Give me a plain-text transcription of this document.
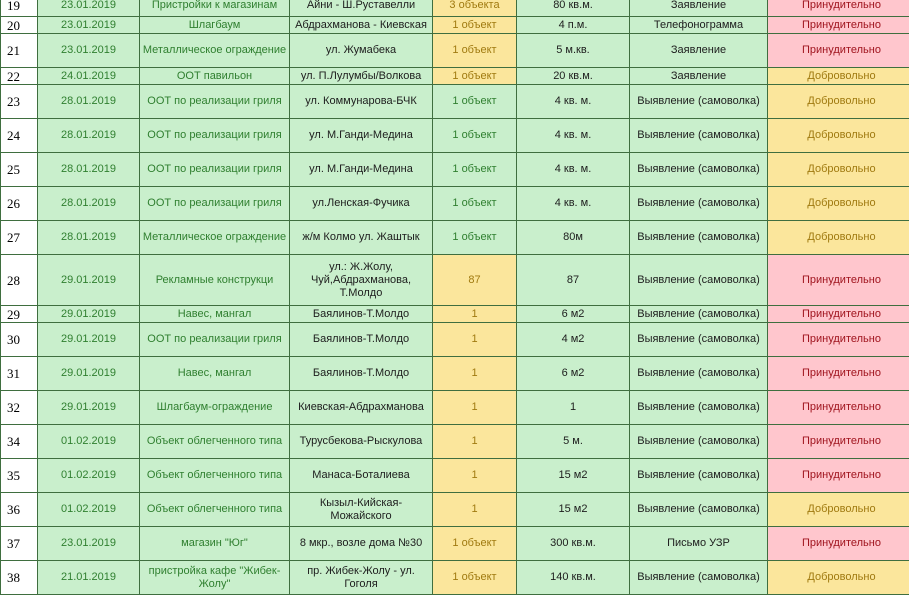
19	23.01.2019	Пристройки к магазинам	Айни - Ш.Руставелли	3 объекта	80 кв.м.	Заявление	Принудительно
20	23.01.2019	Шлагбаум	Абдрахманова - Киевская	1 объект	4 п.м.	Телефонограмма	Принудительно
21	23.01.2019	Металлическое ограждение	ул. Жумабека	1 объект	5 м.кв.	Заявление	Принудительно
22	24.01.2019	ООТ павильон	ул. П.Лулумбы/Волкова	1 объект	20 кв.м.	Заявление	Добровольно
23	28.01.2019	ООТ по реализации гриля	ул. Коммунарова-БЧК	1 объект	4 кв. м.	Выявление (самоволка)	Добровольно
24	28.01.2019	ООТ по реализации гриля	ул. М.Ганди-Медина	1 объект	4 кв. м.	Выявление (самоволка)	Добровольно
25	28.01.2019	ООТ по реализации гриля	ул. М.Ганди-Медина	1 объект	4 кв. м.	Выявление (самоволка)	Добровольно
26	28.01.2019	ООТ по реализации гриля	ул.Ленская-Фучика	1 объект	4 кв. м.	Выявление (самоволка)	Добровольно
27	28.01.2019	Металлическое ограждение	ж/м Колмо ул. Жаштык	1 объект	80м	Выявление (самоволка)	Добровольно
28	29.01.2019	Рекламные конструкци	ул.: Ж.Жолу, Чуй,Абдрахманова, Т.Молдо	87	87	Выявление (самоволка)	Принудительно
29	29.01.2019	Навес, мангал	Баялинов-Т.Молдо	1	6 м2	Выявление (самоволка)	Принудительно
30	29.01.2019	ООТ по реализации гриля	Баялинов-Т.Молдо	1	4 м2	Выявление (самоволка)	Принудительно
31	29.01.2019	Навес, мангал	Баялинов-Т.Молдо	1	6 м2	Выявление (самоволка)	Принудительно
32	29.01.2019	Шлагбаум-ограждение	Киевская-Абдрахманова	1	1	Выявление (самоволка)	Принудительно
34	01.02.2019	Объект облегченного типа	Турусбекова-Рыскулова	1	5 м.	Выявление (самоволка)	Принудительно
35	01.02.2019	Объект облегченного типа	Манаса-Боталиева	1	15 м2	Выявление (самоволка)	Принудительно
36	01.02.2019	Объект облегченного типа	Кызыл-Кийская-Можайского	1	15 м2	Выявление (самоволка)	Добровольно
37	23.01.2019	магазин "Юг"	8 мкр., возле дома №30	1 объект	300 кв.м.	Письмо УЗР	Принудительно
38	21.01.2019	пристройка кафе "Жибек-Жолу"	пр. Жибек-Жолу - ул. Гоголя	1 объект	140 кв.м.	Выявление (самоволка)	Добровольно
